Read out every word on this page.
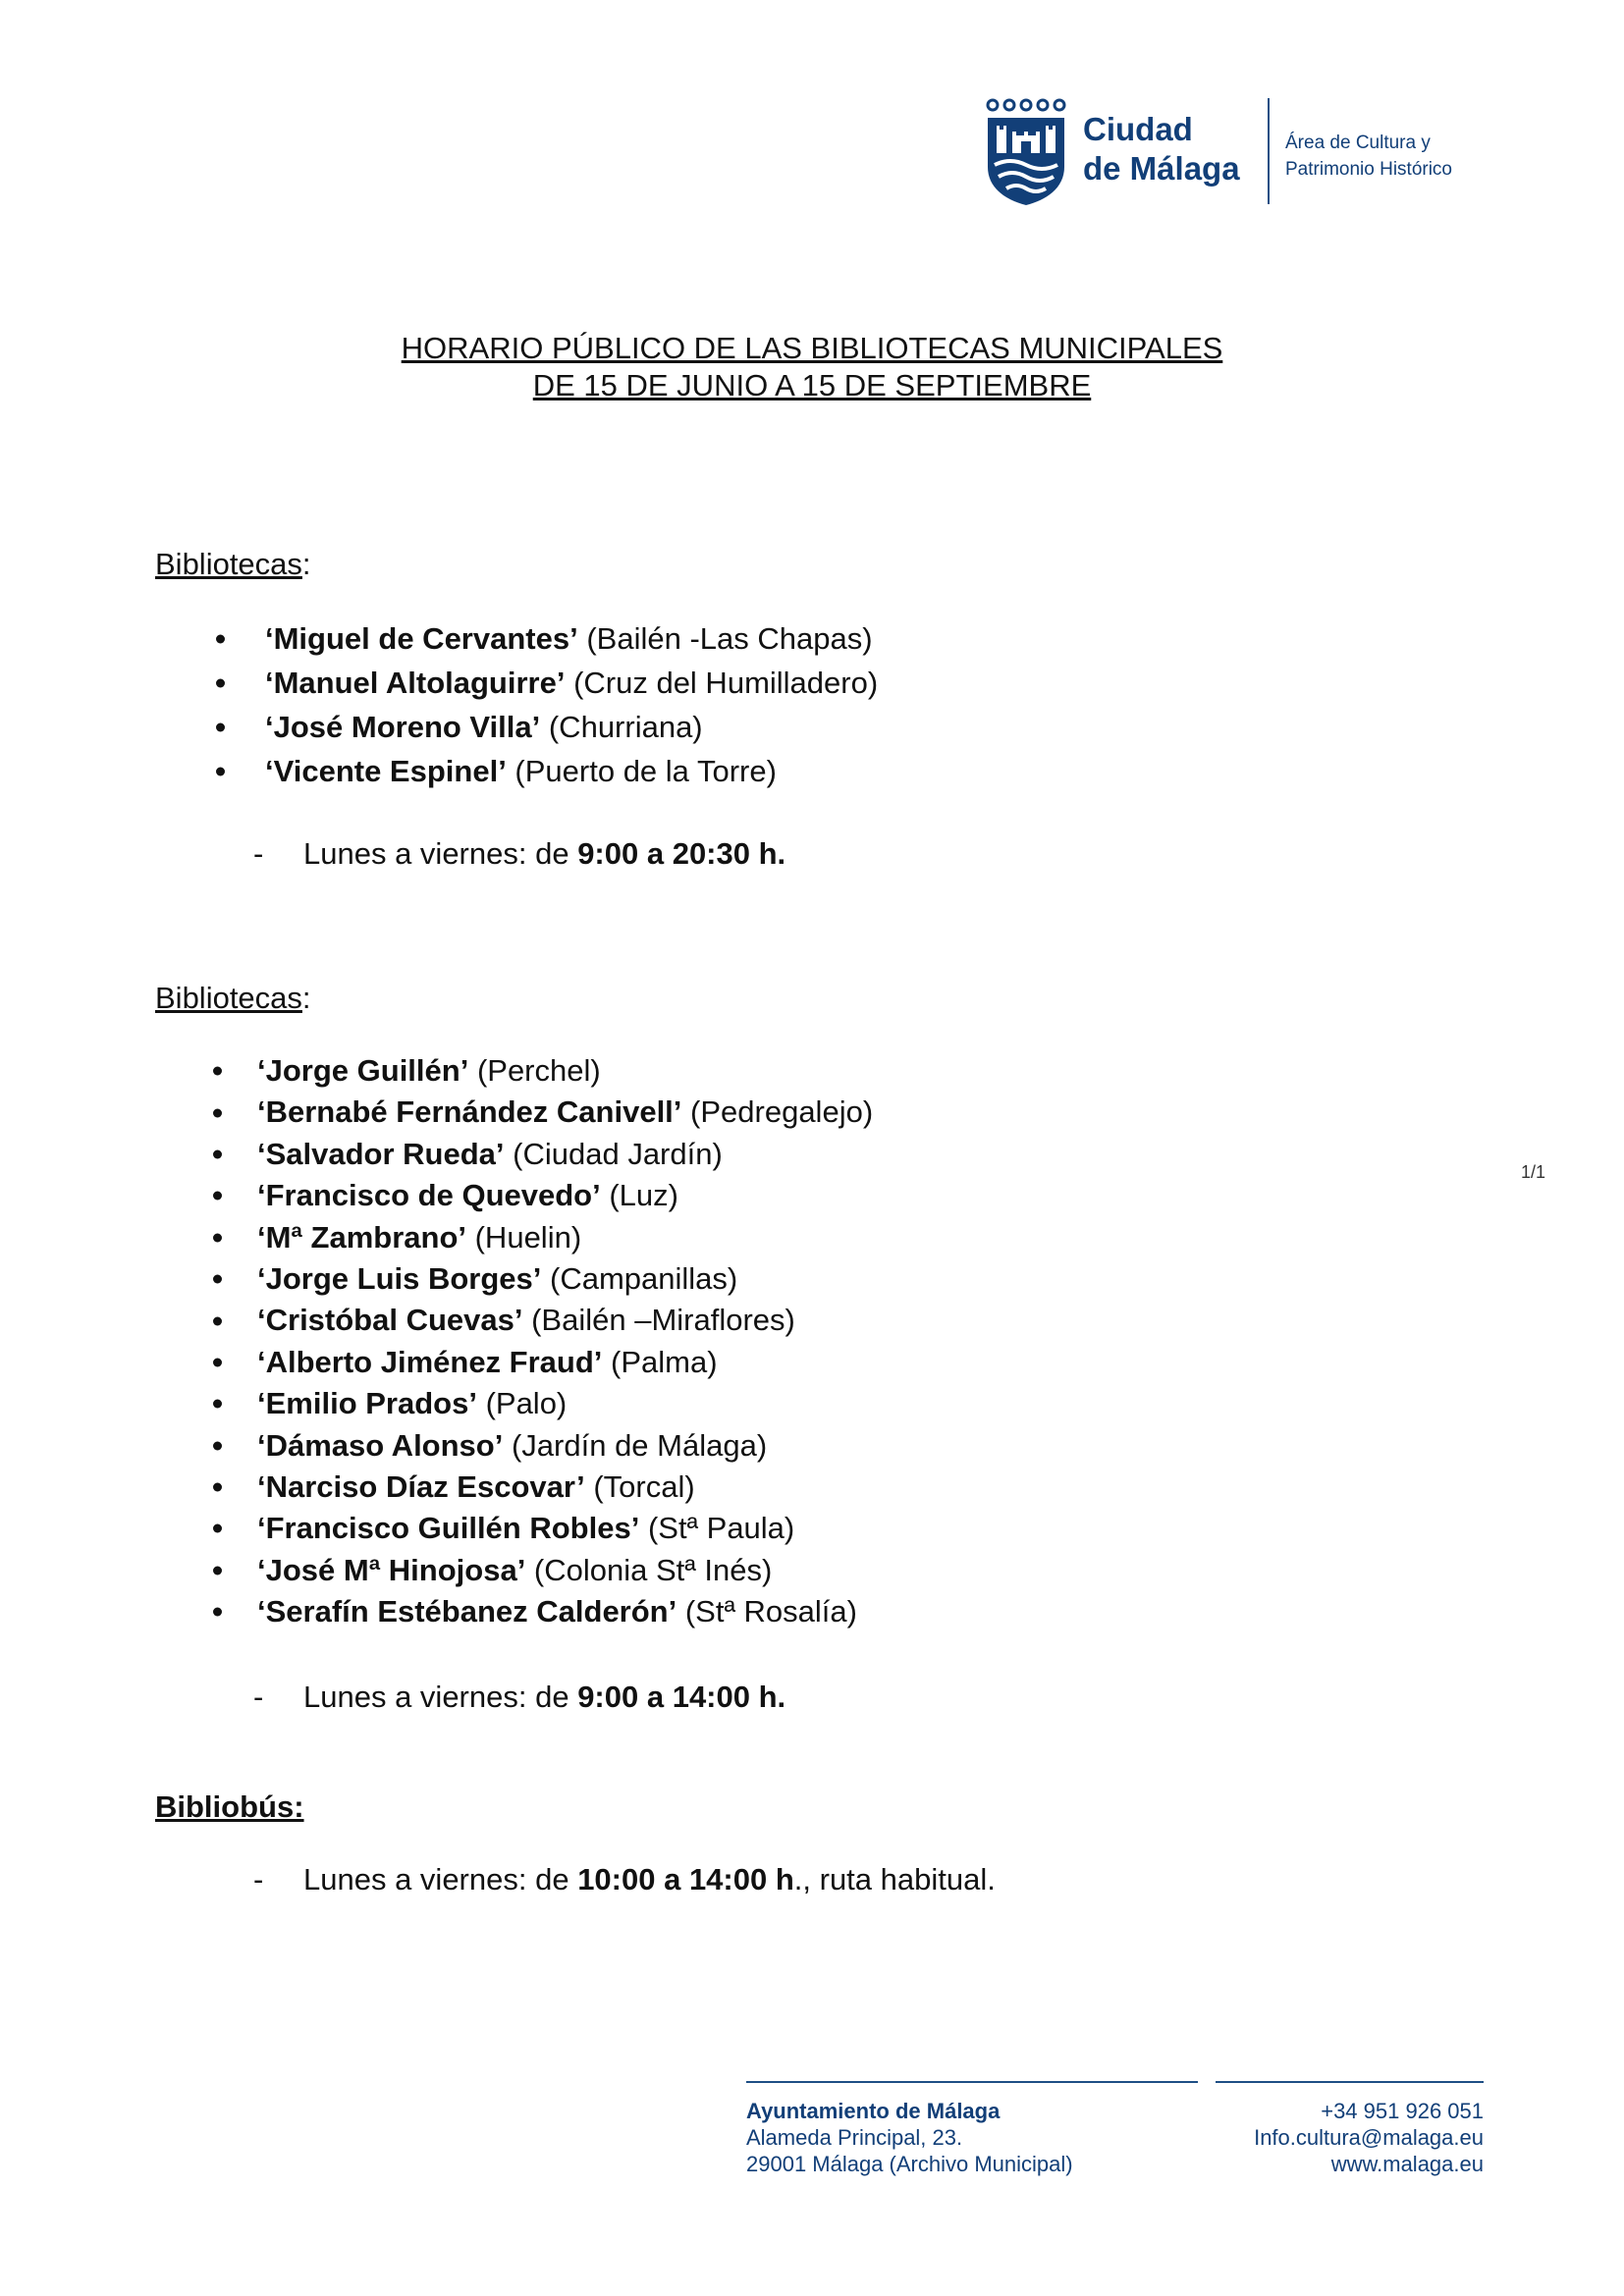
Ciudad
de Málaga
Área de Cultura y
Patrimonio Histórico
HORARIO PÚBLICO DE LAS BIBLIOTECAS MUNICIPALES
DE 15 DE JUNIO A 15 DE SEPTIEMBRE
1/1
Bibliotecas:
‘Miguel de Cervantes’ (Bailén -Las Chapas)
‘Manuel Altolaguirre’ (Cruz del Humilladero)
‘José Moreno Villa’ (Churriana)
‘Vicente Espinel’ (Puerto de la Torre)
- Lunes a viernes: de 9:00 a 20:30 h.
Bibliotecas:
‘Jorge Guillén’ (Perchel)
‘Bernabé Fernández Canivell’ (Pedregalejo)
‘Salvador Rueda’ (Ciudad Jardín)
‘Francisco de Quevedo’ (Luz)
‘Mª Zambrano’ (Huelin)
‘Jorge Luis Borges’ (Campanillas)
‘Cristóbal Cuevas’ (Bailén –Miraflores)
‘Alberto Jiménez Fraud’ (Palma)
‘Emilio Prados’ (Palo)
‘Dámaso Alonso’ (Jardín de Málaga)
‘Narciso Díaz Escovar’ (Torcal)
‘Francisco Guillén Robles’ (Stª Paula)
‘José Mª Hinojosa’ (Colonia Stª Inés)
‘Serafín Estébanez Calderón’ (Stª Rosalía)
- Lunes a viernes: de 9:00 a 14:00 h.
Bibliobús:
- Lunes a viernes: de 10:00 a 14:00 h., ruta habitual.
Ayuntamiento de Málaga
Alameda Principal, 23.
29001 Málaga (Archivo Municipal)
+34 951 926 051
Info.cultura@malaga.eu
www.malaga.eu
